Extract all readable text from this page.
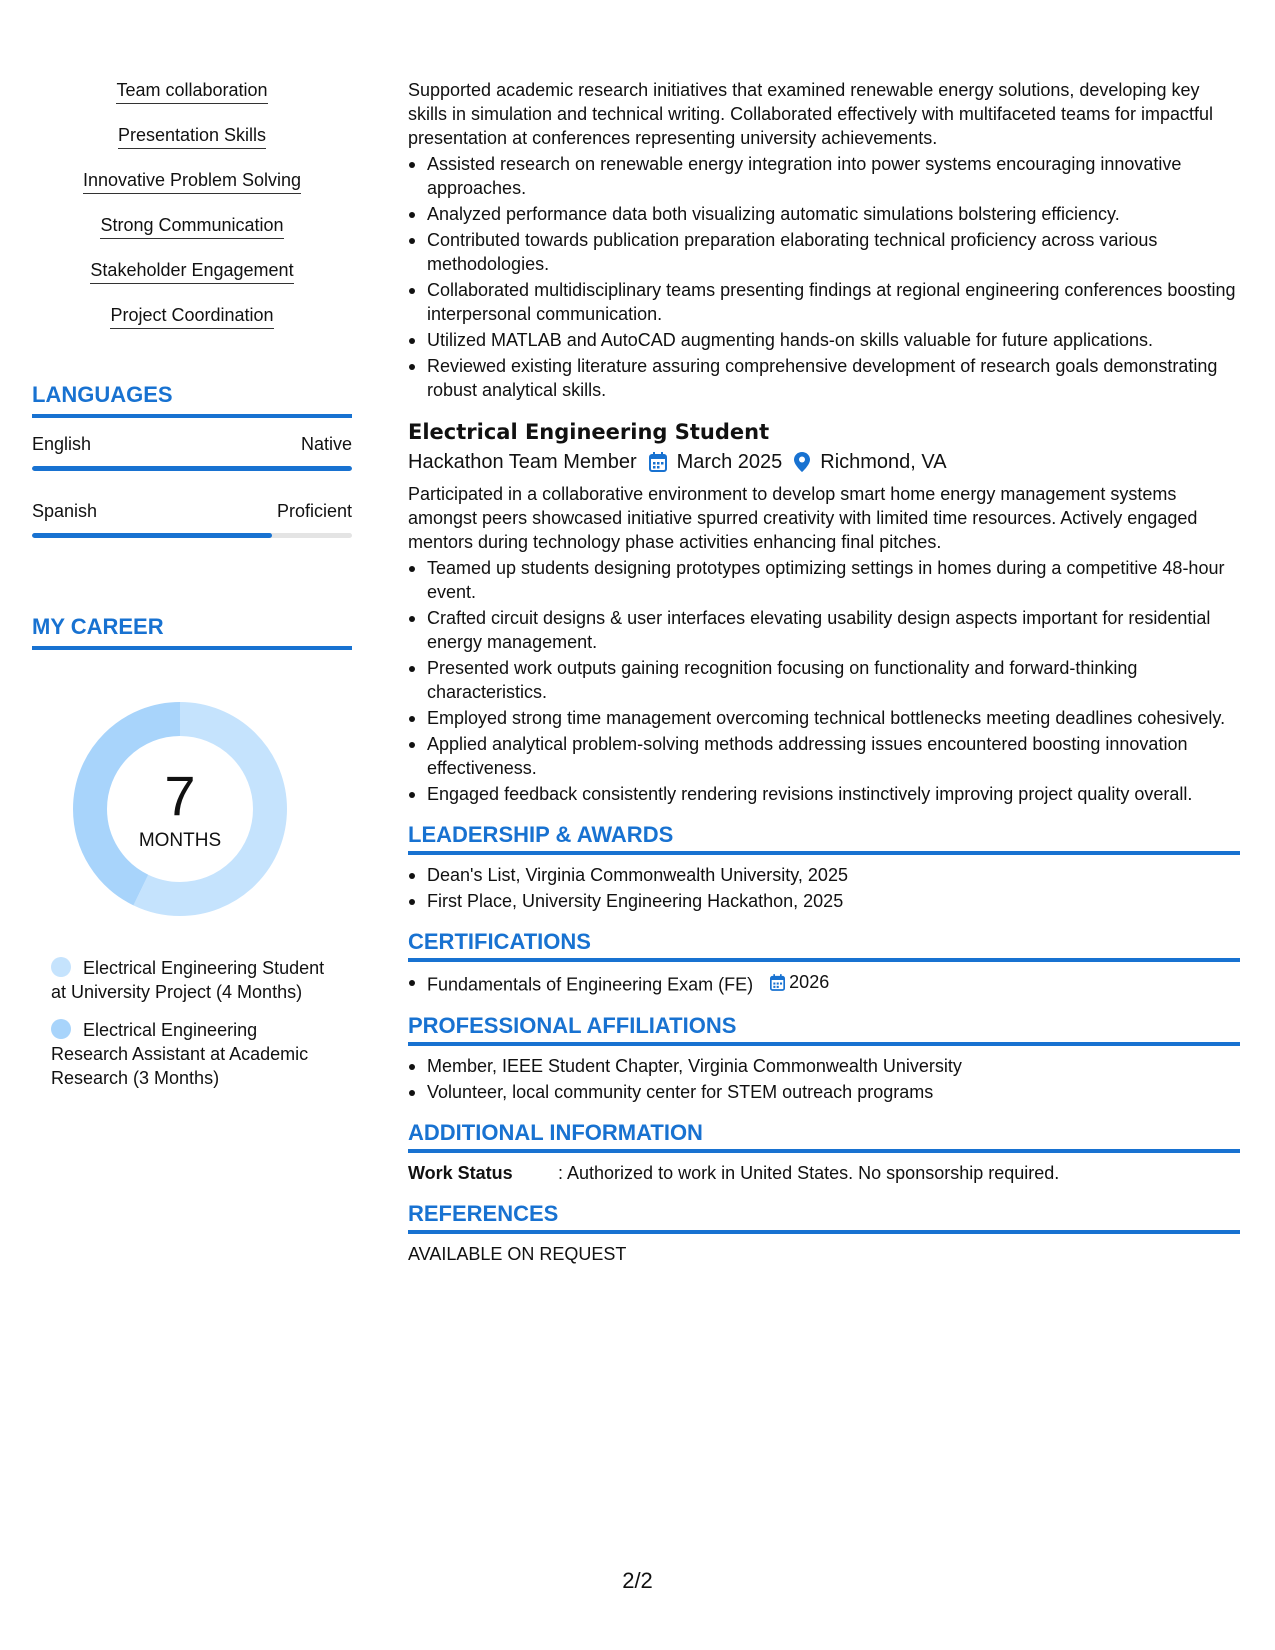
Team collaboration
Presentation Skills
Innovative Problem Solving
Strong Communication
Stakeholder Engagement
Project Coordination
LANGUAGES
English	Native
Spanish	Proficient
MY CAREER
7
MONTHS
Electrical Engineering Student at University Project (4 Months)
Electrical Engineering Research Assistant at Academic Research (3 Months)

Supported academic research initiatives that examined renewable energy solutions, developing key skills in simulation and technical writing. Collaborated effectively with multifaceted teams for impactful presentation at conferences representing university achievements.

Assisted research on renewable energy integration into power systems encouraging innovative approaches.
Analyzed performance data both visualizing automatic simulations bolstering efficiency.
Contributed towards publication preparation elaborating technical proficiency across various methodologies.
Collaborated multidisciplinary teams presenting findings at regional engineering conferences boosting interpersonal communication.
Utilized MATLAB and AutoCAD augmenting hands-on skills valuable for future applications.
Reviewed existing literature assuring comprehensive development of research goals demonstrating robust analytical skills.
Electrical Engineering Student
Hackathon Team Member March 2025 Richmond, VA

Participated in a collaborative environment to develop smart home energy management systems amongst peers showcased initiative spurred creativity with limited time resources. Actively engaged mentors during technology phase activities enhancing final pitches.

Teamed up students designing prototypes optimizing settings in homes during a competitive 48-hour event.
Crafted circuit designs & user interfaces elevating usability design aspects important for residential energy management.
Presented work outputs gaining recognition focusing on functionality and forward-thinking characteristics.
Employed strong time management overcoming technical bottlenecks meeting deadlines cohesively.
Applied analytical problem-solving methods addressing issues encountered boosting innovation effectiveness.
Engaged feedback consistently rendering revisions instinctively improving project quality overall.
LEADERSHIP & AWARDS
Dean's List, Virginia Commonwealth University, 2025
First Place, University Engineering Hackathon, 2025
CERTIFICATIONS
Fundamentals of Engineering Exam (FE) 2026
PROFESSIONAL AFFILIATIONS
Member, IEEE Student Chapter, Virginia Commonwealth University
Volunteer, local community center for STEM outreach programs
ADDITIONAL INFORMATION
Work Status	: Authorized to work in United States. No sponsorship required.
REFERENCES

AVAILABLE ON REQUEST

2/2
